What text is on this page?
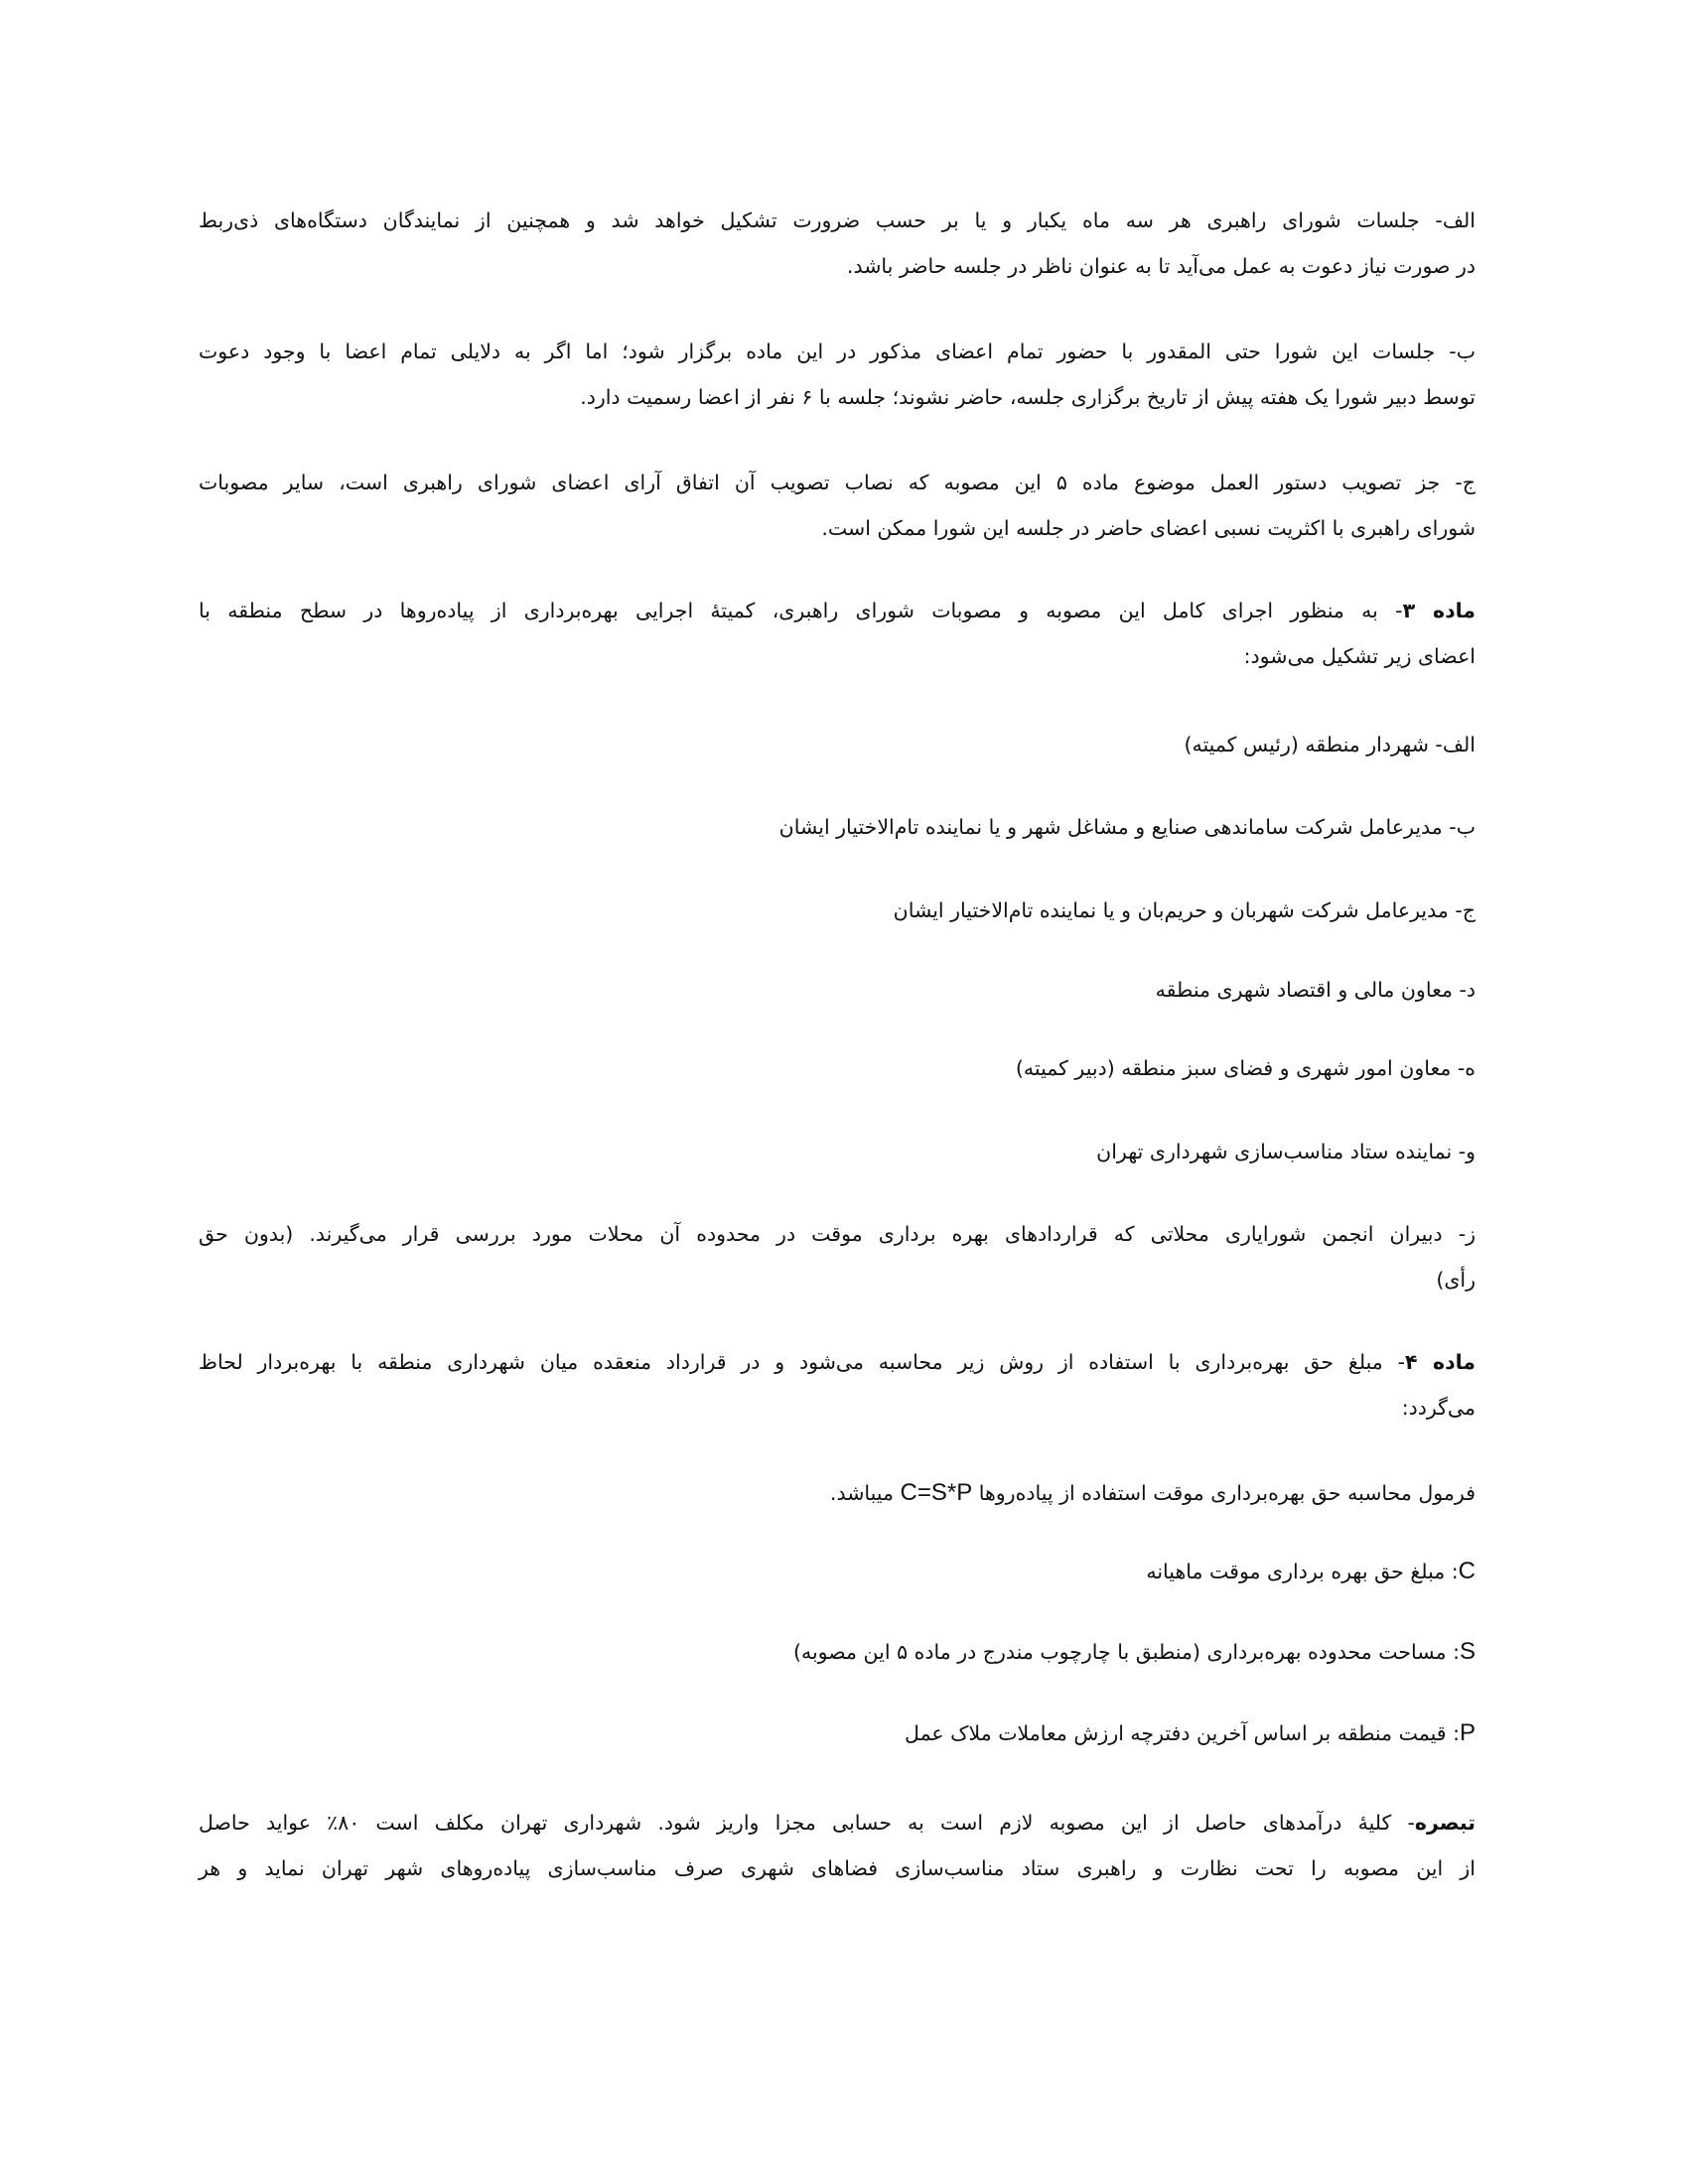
الف- جلسات شورای راهبری هر سه ماه یکبار و یا بر حسب ضرورت تشکیل خواهد شد و همچنین از نمایندگان دستگاه‌های ذی‌ربط
در صورت نیاز دعوت به عمل می‌آید تا به عنوان ناظر در جلسه حاضر باشد.
ب- جلسات این شورا حتی المقدور با حضور تمام اعضای مذکور در این ماده برگزار شود؛ اما اگر به دلایلی تمام اعضا با وجود دعوت
توسط دبیر شورا یک هفته پیش از تاریخ برگزاری جلسه، حاضر نشوند؛ جلسه با ۶ نفر از اعضا رسمیت دارد.
ج- جز تصویب دستور العمل موضوع ماده ۵ این مصوبه که نصاب تصویب آن اتفاق آرای اعضای شورای راهبری است، سایر مصوبات
شورای راهبری با اکثریت نسبی اعضای حاضر در جلسه این شورا ممکن است.
ماده ۳- به منظور اجرای کامل این مصوبه و مصوبات شورای راهبری، کمیتهٔ اجرایی بهره‌برداری از پیاده‌روها در سطح منطقه با
اعضای زیر تشکیل می‌شود:
الف- شهردار منطقه (رئیس کمیته)
ب- مدیرعامل شرکت ساماندهی صنایع و مشاغل شهر و یا نماینده تام‌الاختیار ایشان
ج- مدیرعامل شرکت شهربان و حریم‌بان و یا نماینده تام‌الاختیار ایشان
د- معاون مالی و اقتصاد شهری منطقه
ه- معاون امور شهری و فضای سبز منطقه (دبیر کمیته)
و- نماینده ستاد مناسب‌سازی شهرداری تهران
ز- دبیران انجمن شورایاری محلاتی که قراردادهای بهره برداری موقت در محدوده آن محلات مورد بررسی قرار می‌گیرند. (بدون حق
رأی)
ماده ۴- مبلغ حق بهره‌برداری با استفاده از روش زیر محاسبه می‌شود و در قرارداد منعقده میان شهرداری منطقه با بهره‌بردار لحاظ
می‌گردد:
فرمول محاسبه حق بهره‌برداری موقت استفاده از پیاده‌روها C=S*P میباشد.
C: مبلغ حق بهره برداری موقت ماهیانه
S: مساحت محدوده بهره‌برداری (منطبق با چارچوب مندرج در ماده ۵ این مصوبه)
P: قیمت منطقه بر اساس آخرین دفترچه ارزش معاملات ملاک عمل
تبصره- کلیهٔ درآمدهای حاصل از این مصوبه لازم است به حسابی مجزا واریز شود. شهرداری تهران مکلف است ۸۰٪ عواید حاصل
از این مصوبه را تحت نظارت و راهبری ستاد مناسب‌سازی فضاهای شهری صرف مناسب‌سازی پیاده‌روهای شهر تهران نماید و هر
